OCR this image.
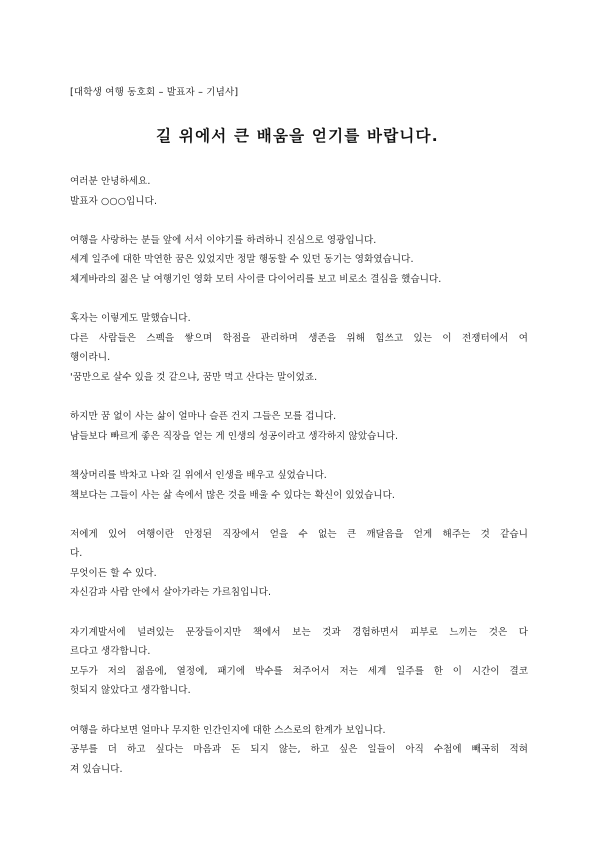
[대학생 여행 동호회 – 발표자 – 기념사]
길 위에서 큰 배움을 얻기를 바랍니다.

여러분 안녕하세요.
발표자 ○○○입니다.

여행을 사랑하는 분들 앞에 서서 이야기를 하려하니 진심으로 영광입니다.
세계 일주에 대한 막연한 꿈은 있었지만 정말 행동할 수 있던 동기는 영화였습니다.
체게바라의 젊은 날 여행기인 영화 모터 사이클 다이어리를 보고 비로소 결심을 했습니다.

혹자는 이렇게도 말했습니다.
다른 사람들은 스펙을 쌓으며 학점을 관리하며 생존을 위해 힘쓰고 있는 이 전쟁터에서 여
행이라니.
'꿈만으로 살수 있을 것 같으냐, 꿈만 먹고 산다는 말이었죠.

하지만 꿈 없이 사는 삶이 얼마나 슬픈 건지 그들은 모를 겁니다.
남들보다 빠르게 좋은 직장을 얻는 게 인생의 성공이라고 생각하지 않았습니다.

책상머리를 박차고 나와 길 위에서 인생을 배우고 싶었습니다.
책보다는 그들이 사는 삶 속에서 많은 것을 배울 수 있다는 확신이 있었습니다.

저에게 있어 여행이란 안정된 직장에서 얻을 수 없는 큰 깨달음을 얻게 해주는 것 같습니
다.
무엇이든 할 수 있다.
자신감과 사람 안에서 살아가라는 가르침입니다.

자기계발서에 널려있는 문장들이지만 책에서 보는 것과 경험하면서 피부로 느끼는 것은 다
르다고 생각합니다.
모두가 저의 젊음에, 열정에, 패기에 박수를 쳐주어서 저는 세계 일주를 한 이 시간이 결코
헛되지 않았다고 생각합니다.

여행을 하다보면 얼마나 무지한 인간인지에 대한 스스로의 한계가 보입니다.
공부를 더 하고 싶다는 마음과 돈 되지 않는, 하고 싶은 일들이 아직 수첩에 빼곡히 적혀
져 있습니다.
